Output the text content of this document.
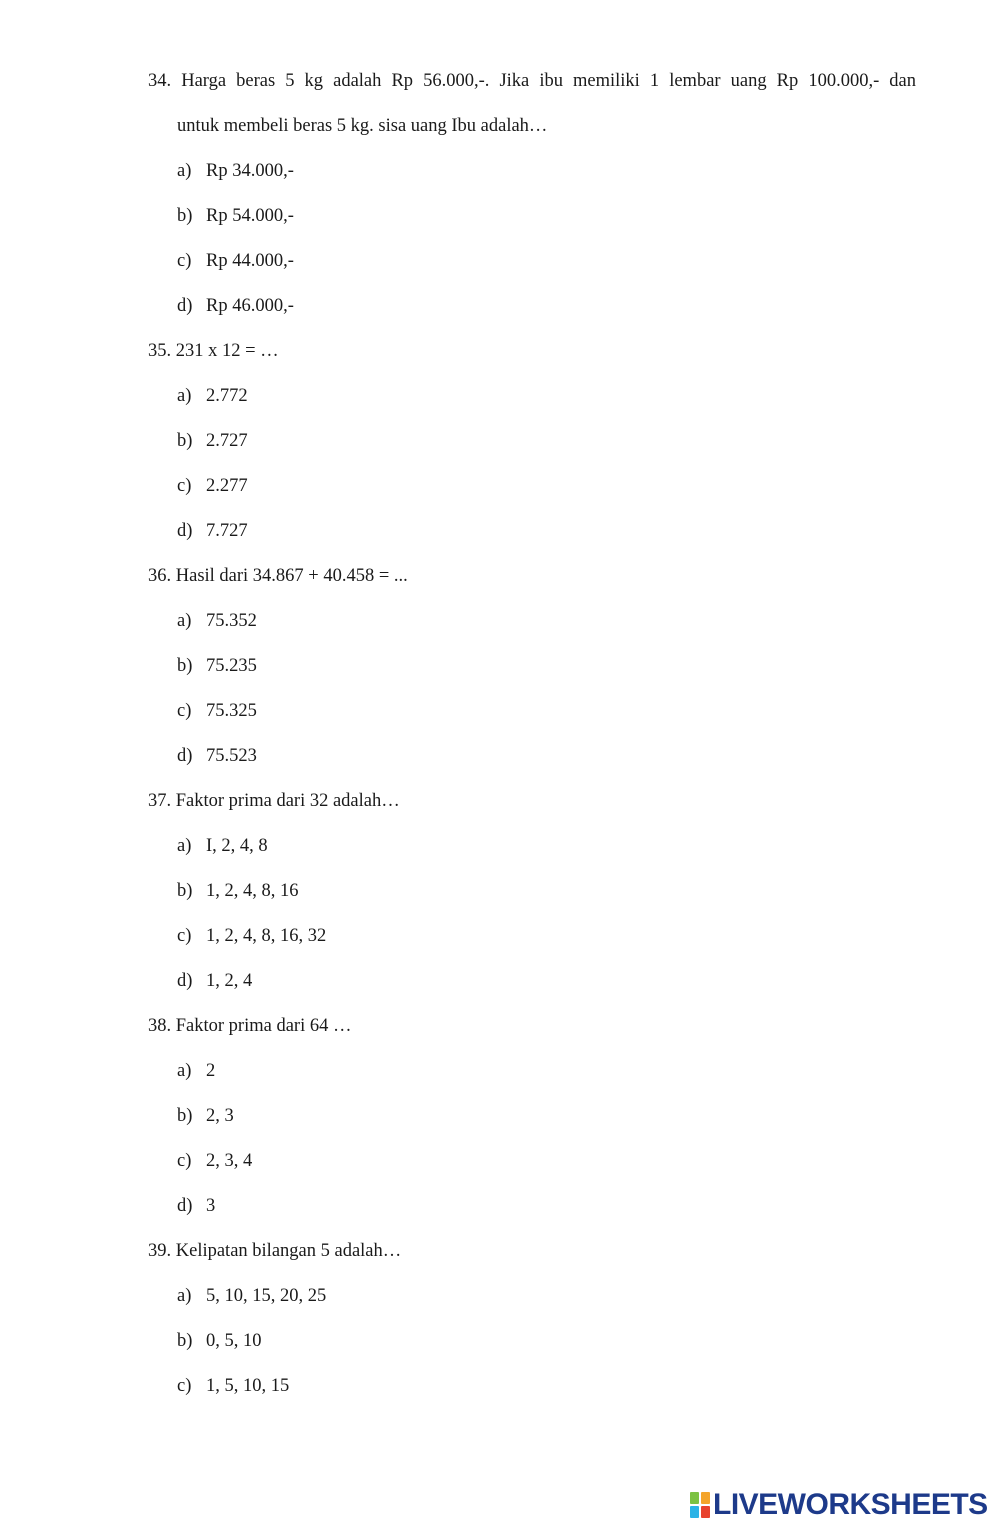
34. Harga beras 5 kg adalah Rp 56.000,-. Jika ibu memiliki 1 lembar uang Rp 100.000,- dan
untuk membeli beras 5 kg. sisa uang Ibu adalah…
a) Rp 34.000,-
b) Rp 54.000,-
c) Rp 44.000,-
d) Rp 46.000,-
35. 231 x 12 = …
a) 2.772
b) 2.727
c) 2.277
d) 7.727
36. Hasil dari 34.867 + 40.458 = ...
a) 75.352
b) 75.235
c) 75.325
d) 75.523
37. Faktor prima dari 32 adalah…
a) I, 2, 4, 8
b) 1, 2, 4, 8, 16
c) 1, 2, 4, 8, 16, 32
d) 1, 2, 4
38. Faktor prima dari 64 …
a) 2
b) 2, 3
c) 2, 3, 4
d) 3
39. Kelipatan bilangan 5 adalah…
a) 5, 10, 15, 20, 25
b) 0, 5, 10
c) 1, 5, 10, 15
LIVEWORKSHEETS
